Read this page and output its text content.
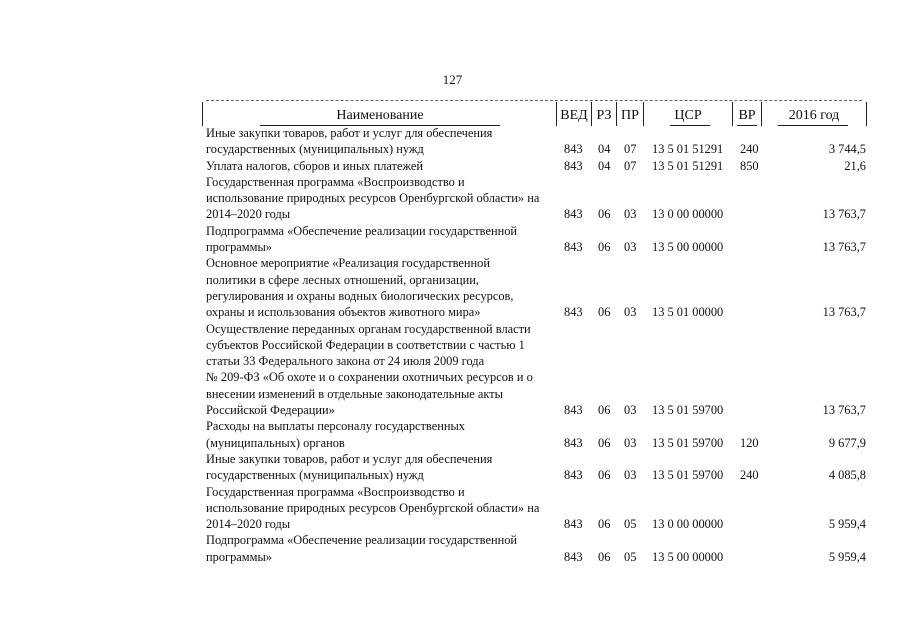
127
Наименование	ВЕД РЗ ПР	ЦСР	ВР	2016 год
Иные закупки товаров, работ и услуг для обеспечения
государственных (муниципальных) нужд	843 04 07 13 5 01 51291 240	3 744,5
Уплата налогов, сборов и иных платежей	843 04 07 13 5 01 51291 850	21,6
Государственная программа «Воспроизводство и
использование природных ресурсов Оренбургской области» на
2014–2020 годы	843 06 03 13 0 00 00000	13 763,7
Подпрограмма «Обеспечение реализации государственной
программы»	843 06 03 13 5 00 00000	13 763,7
Основное мероприятие «Реализация государственной
политики в сфере лесных отношений, организации,
регулирования и охраны водных биологических ресурсов,
охраны и использования объектов животного мира»	843 06 03 13 5 01 00000	13 763,7
Осуществление переданных органам государственной власти
субъектов Российской Федерации в соответствии с частью 1
статьи 33 Федерального закона от 24 июля 2009 года
№ 209-ФЗ «Об охоте и о сохранении охотничьих ресурсов и о
внесении изменений в отдельные законодательные акты
Российской Федерации»	843 06 03 13 5 01 59700	13 763,7
Расходы на выплаты персоналу государственных
(муниципальных) органов	843 06 03 13 5 01 59700 120	9 677,9
Иные закупки товаров, работ и услуг для обеспечения
государственных (муниципальных) нужд	843 06 03 13 5 01 59700 240	4 085,8
Государственная программа «Воспроизводство и
использование природных ресурсов Оренбургской области» на
2014–2020 годы	843 06 05 13 0 00 00000	5 959,4
Подпрограмма «Обеспечение реализации государственной
программы»	843 06 05 13 5 00 00000	5 959,4
